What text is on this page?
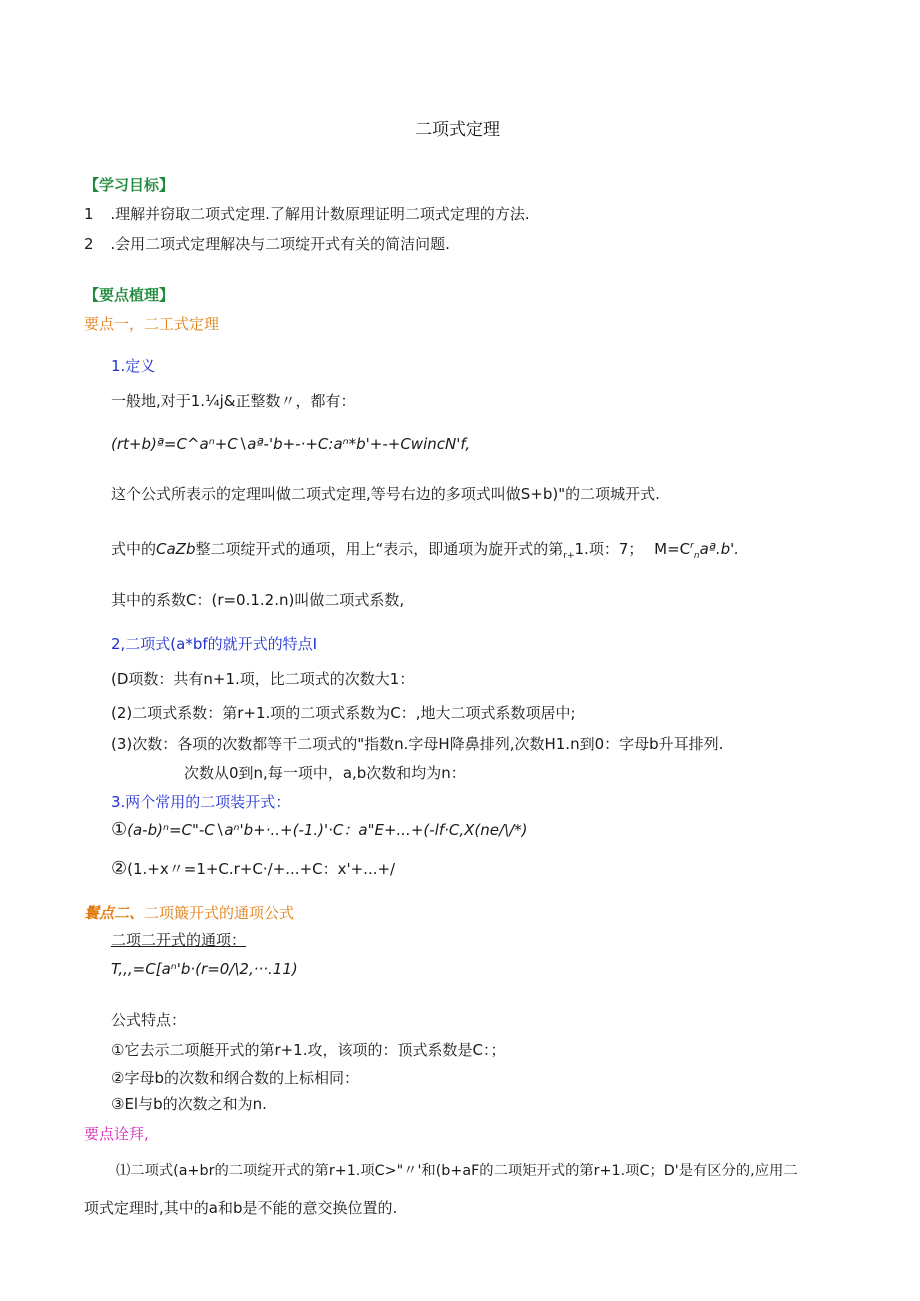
二项式定理
【学习目标】
1 .理解并窃取二项式定理.了解用计数原理证明二项式定理的方法.
2 .会用二项式定理解决与二项绽开式有关的简洁问题.
【要点植理】
要点一，二工式定理
1.定义
一般地,对于1.¼j&正整数〃，都有：
(rt+b)ª=C^aⁿ+C∖aª-'b+-·+C:aⁿ*b'+-+CwincN'f,
这个公式所表示的定理叫做二项式定理,等号右边的多项式叫做S+b)"的二项城开式.
式中的CaZb整二项绽开式的通项，用上“表示，即通项为旋开式的第$_{r+}$1.项：7； $M=C^r_naª.b'$.
其中的系数C：(r=0.1.2.n)叫做二项式系数,
2,二项式(a*bf的就开式的特点I
(D项数：共有n+1.项，比二项式的次数大1：
(2)二项式系数：第r+1.项的二项式系数为C：,地大二项式系数项居中;
(3)次数：各项的次数都等干二项式的"指数n.字母H降鼻排列,次数H1.n到0：字母b升耳排列.
次数从0到n,每一项中，a,b次数和均为n：
3.两个常用的二项装开式：
①(a-b)ⁿ=C"-C∖aⁿ'b+·..+(-1.)'·C：a"E+...+(-lf·C,X(ne/\/*)
②(1.+x〃=1+C.r+C·/+...+C：x'+...+/
鬟点二、二项簸开式的通项公式
二项二开式的通项：
T,,,=C[aⁿ'b·(r=0/\2,···.11)
公式特点：
①它去示二项艇开式的第r+1.攻，该项的：顶式系数是C：；
②字母b的次数和纲合数的上标相同：
③El与b的次数之和为n.
要点诠拜,
⑴二项式(a+br的二项绽开式的第r+1.项C>"〃'和(b+aF的二项矩开式的第r+1.项C；D'是有区分的,应用二
项式定理时,其中的a和b是不能的意交换位置的.
